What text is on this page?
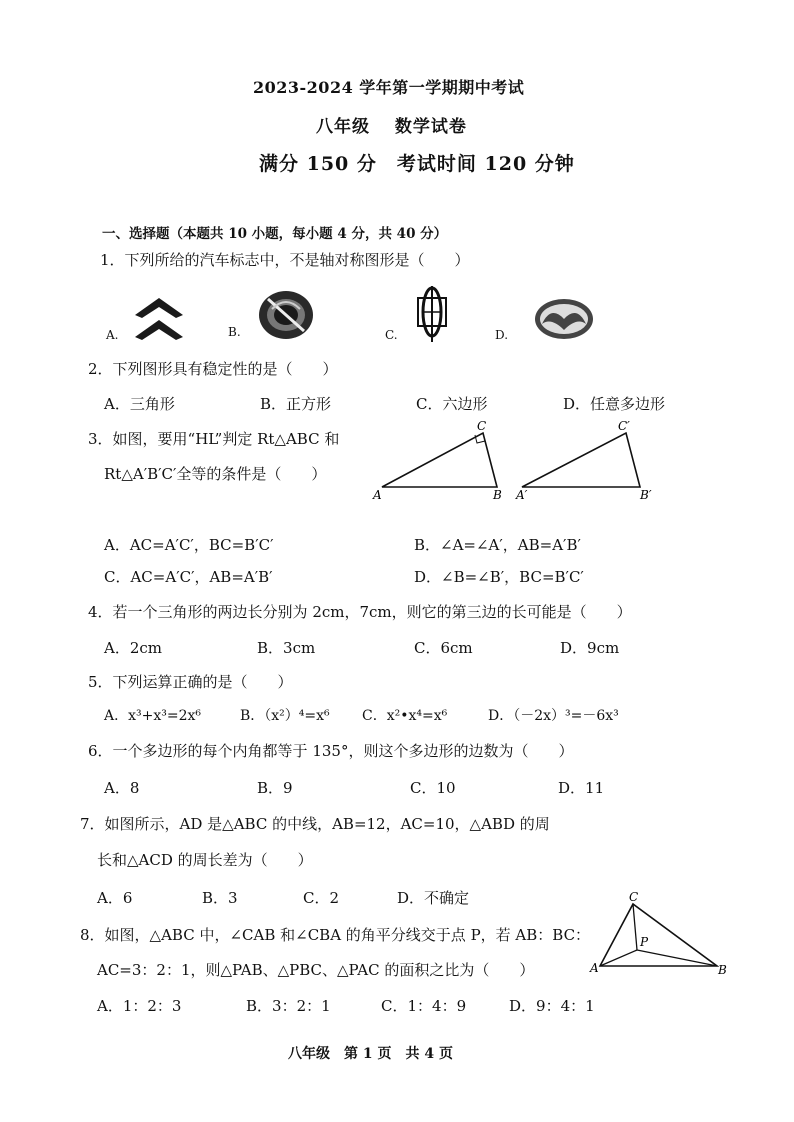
2023-2024 学年第一学期期中考试
八年级　 数学试卷
满分 150 分　考试时间 120 分钟
一、选择题（本题共 10 小题，每小题 4 分，共 40 分）
1．下列所给的汽车标志中，不是轴对称图形是（　　）
A.	B.	C.	D.
2．下列图形具有稳定性的是（　　）
A．三角形	B．正方形	C．六边形	D．任意多边形
3．如图，要用“HL”判定 Rt△ABC 和
Rt△A′B′C′全等的条件是（　　）
C
A	B
C′
A′	B′
A．AC=A′C′，BC=B′C′	B．∠A=∠A′，AB=A′B′
C．AC=A′C′，AB=A′B′	D．∠B=∠B′，BC=B′C′
4．若一个三角形的两边长分别为 2cm，7cm，则它的第三边的长可能是（　　）
A．2cm	B．3cm	C．6cm	D．9cm
5．下列运算正确的是（　　）
A．x³+x³=2x⁶	B．（x²）⁴=x⁶ C．x²•x⁴=x⁶	D．（－2x）³=－6x³
6．一个多边形的每个内角都等于 135°，则这个多边形的边数为（　　）
A．8	B．9	C．10	D．11
7．如图所示，AD 是△ABC 的中线，AB=12，AC=10，△ABD 的周
长和△ACD 的周长差为（　　）
A．6	B．3	C．2	D．不确定
8．如图，△ABC 中，∠CAB 和∠CBA 的角平分线交于点 P，若 AB：BC：
AC=3：2：1，则△PAB、△PBC、△PAC 的面积之比为（　　）
C
P
A	B
A．1：2：3	B．3：2：1	C．1：4：9	D．9：4：1
八年级　第 1 页　共 4 页
